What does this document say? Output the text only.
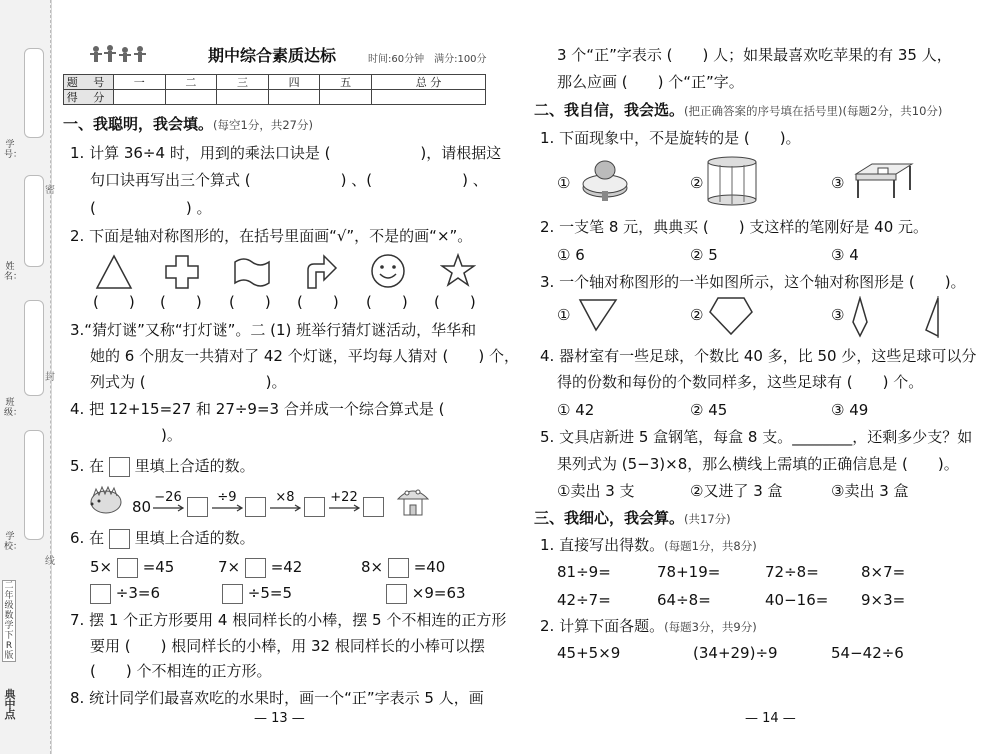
学号：
姓名：
班级：
学校：
二年级 数学 下 R版
典中点
密
封
线
期中综合素质达标	时间:60分钟　满分:100分
题 号	一	二	三	四	五	总 分
得 分						
一、我聪明，我会填。(每空1分，共27分)
1. 计算 36÷4 时，用到的乘法口诀是 (　　　　　　)，请根据这
句口诀再写出三个算式 (　　　　　　) 、(　　　　　　) 、
(　　　　　　) 。
2. 下面是轴对称图形的，在括号里面画“√”，不是的画“×”。
(　　) (　　) (　　) (　　) (　　) (　　)
3.“猜灯谜”又称“打灯谜”。二 (1) 班举行猜灯谜活动，华华和
她的 6 个朋友一共猜对了 42 个灯谜，平均每人猜对 (　　) 个，
列式为 (　　　　　　　　)。
4. 把 12+15=27 和 27÷9=3 合并成一个综合算式是 (
)。
5. 在 里填上合适的数。
80
−26	÷9	×8	+22
6. 在 里填上合适的数。
5× =45	7× =42	8× =40
÷3=6	÷5=5	×9=63
7. 摆 1 个正方形要用 4 根同样长的小棒，摆 5 个不相连的正方形
要用 (　　) 根同样长的小棒，用 32 根同样长的小棒可以摆
(　　) 个不相连的正方形。
8. 统计同学们最喜欢吃的水果时，画一个“正”字表示 5 人，画
— 13 —
3 个“正”字表示 (　　) 人；如果最喜欢吃苹果的有 35 人，
那么应画 (　　) 个“正”字。
二、我自信，我会选。(把正确答案的序号填在括号里)(每题2分，共10分)
1. 下面现象中，不是旋转的是 (　　)。
①	②	③
2. 一支笔 8 元，典典买 (　　) 支这样的笔刚好是 40 元。
① 6	② 5	③ 4
3. 一个轴对称图形的一半如图所示，这个轴对称图形是 (　　)。
①	②	③
4. 器材室有一些足球，个数比 40 多，比 50 少，这些足球可以分
得的份数和每份的个数同样多，这些足球有 (　　) 个。
① 42	② 45	③ 49
5. 文具店新进 5 盒钢笔，每盒 8 支。________，还剩多少支？如
果列式为 (5−3)×8，那么横线上需填的正确信息是 (　　)。
①卖出 3 支	②又进了 3 盒	③卖出 3 盒
三、我细心，我会算。(共17分)
1. 直接写出得数。(每题1分，共8分)
81÷9=	78+19=	72÷8=	8×7=
42÷7=	64÷8=	40−16= 9×3=
2. 计算下面各题。(每题3分，共9分)
45+5×9	(34+29)÷9	54−42÷6
— 14 —
